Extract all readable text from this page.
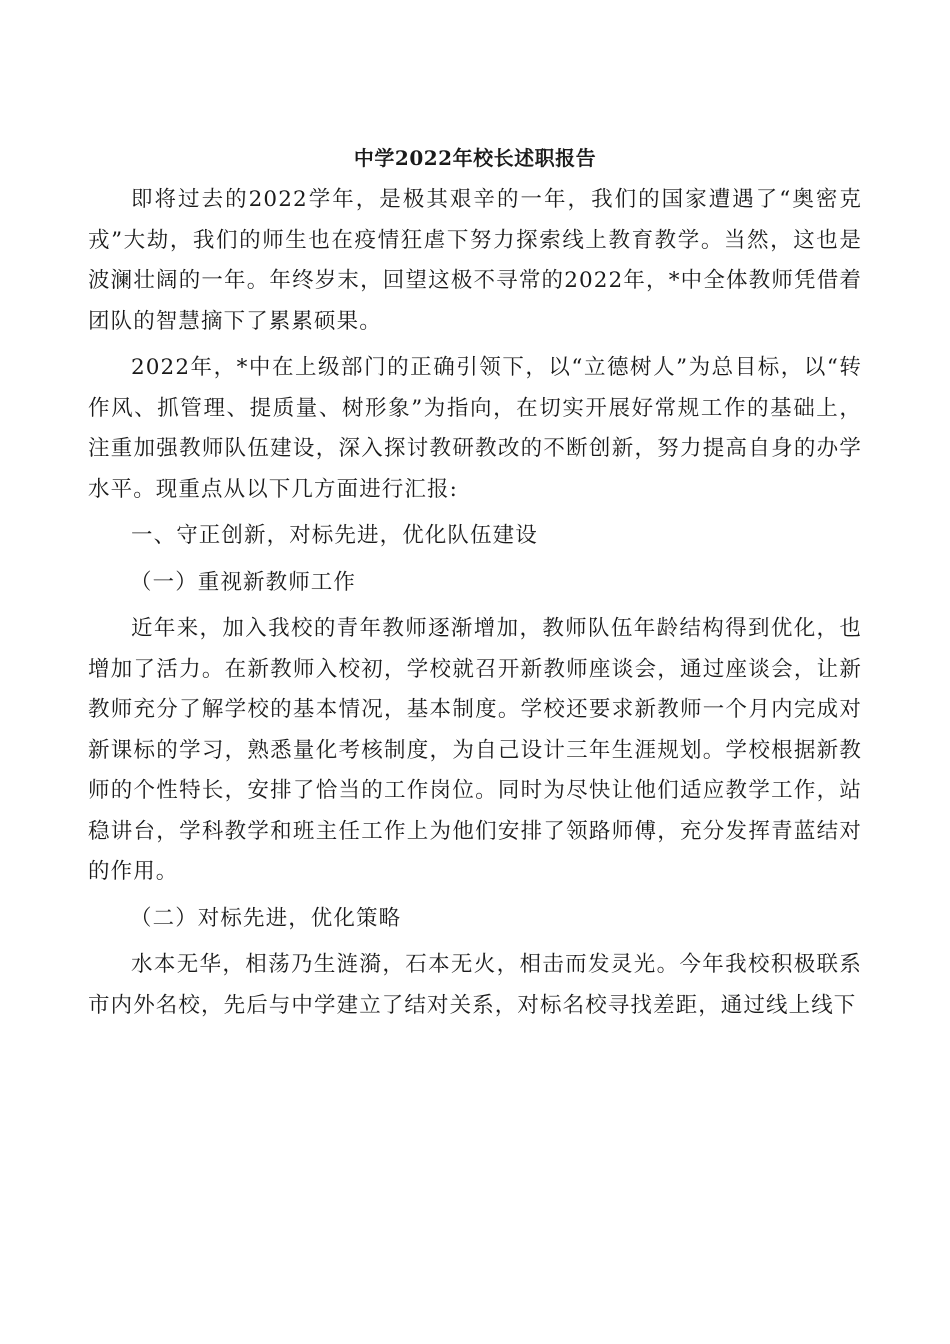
中学2022年校长述职报告

即将过去的2022学年，是极其艰辛的一年，我们的国家遭遇了“奥密克戎”大劫，我们的师生也在疫情狂虐下努力探索线上教育教学。当然，这也是波澜壮阔的一年。年终岁末，回望这极不寻常的2022年，*中全体教师凭借着团队的智慧摘下了累累硕果。

2022年，*中在上级部门的正确引领下，以“立德树人”为总目标，以“转作风、抓管理、提质量、树形象”为指向，在切实开展好常规工作的基础上，注重加强教师队伍建设，深入探讨教研教改的不断创新，努力提高自身的办学水平。现重点从以下几方面进行汇报:

一、守正创新，对标先进，优化队伍建设

（一）重视新教师工作

近年来，加入我校的青年教师逐渐增加，教师队伍年龄结构得到优化，也增加了活力。在新教师入校初，学校就召开新教师座谈会，通过座谈会，让新教师充分了解学校的基本情况，基本制度。学校还要求新教师一个月内完成对新课标的学习，熟悉量化考核制度，为自己设计三年生涯规划。学校根据新教师的个性特长，安排了恰当的工作岗位。同时为尽快让他们适应教学工作，站稳讲台，学科教学和班主任工作上为他们安排了领路师傅，充分发挥青蓝结对的作用。

（二）对标先进，优化策略

水本无华，相荡乃生涟漪，石本无火，相击而发灵光。今年我校积极联系市内外名校，先后与中学建立了结对关系，对标名校寻找差距，通过线上线下
